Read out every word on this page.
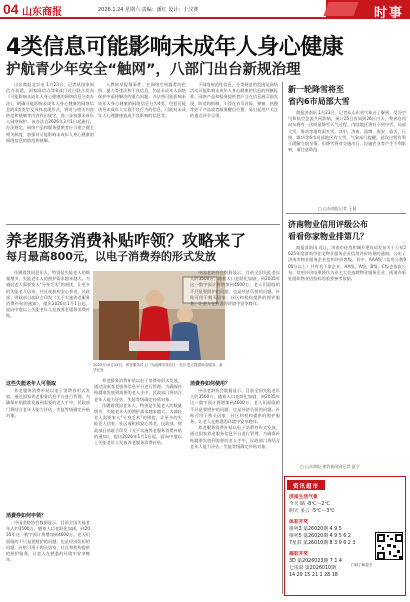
04 山东商报	2026.1.24 星期六 责编：潘红 设计：于汶赛	时事
4类信息可能影响未成年人身心健康
护航青少年安全“触网”，八部门出台新规治理

山东商报北京电 1月23日，记者从国家网信办获悉，国家网信办等8部门近日联合发布《可能影响未成年人身心健康的网络信息分类办法》，明确可能影响未成年人身心健康的网络信息的4类类型及具体表现形式，将对与相关内容防范和抵制等内容作出规定，进一步加强未成年人网络保护。该办法自2026年3月1日起施行。办法规定，网络产品和服务提供者应当建立健全相关制度，加强对可能影响未成年人身心健康的网络信息的防范和抵制。

人教网举报情事件，在网络空间露骨的色情、暴力等违法和不良信息，仍是未成年人网络保护中亟待解决的重点问题。办法将可能影响未成年人身心健康的网络信息分为4类，包括可能诱导未成年人实施不良行为的信息，可能对未成年人心理健康造成不良影响的信息等。

于网络规范性信息，分类规范的范围及网络活动可能影响未成年人身心健康的信息的判断标准。网络产品和服务提供者应当在信息展示前发现、防范和抵制，不得在首页首屏、弹窗、热搜等处于产品或者服务醒目位置、易引起用户关注的重点环节呈现。

新一轮降雪将至
省内6市局部大雪

商报济南讯 1月23日，记者从山东省气象台了解到，受冷空气和低空急流共同影响，预计25日夜间到26日白天，我省自西向东将有一次明显降雪天气过程，内陆地区将有小到中雪，局部大雪，鲁南等地有雨夹雪。其中，济南、淄博、泰安、临沂、日照、潍坊等6市局部地区有大雪。气象部门提醒，此次过程有利于缓解当前旱情，但降雪将对交通出行、设施农业等产生不利影响，请注意防范。

□ 山东商报记者 王磊
济南物业信用评级公布
看看你家物业排第几？

商报济南讯 近日，济南市住房和城乡建设局发布关于公布2025年度济南市住宅物业服务企业信用评价结果的通知，公布了济南市物业服务企业信用评价等级。其中，AAA级（信用分数900分以上）共有若干家企业，AA级、A级、B级、C级也依次公布。信用评价结果将作为业主大会选聘物业服务企业、街道办事处组织物业招投标的重要参考依据。

□ 山东商报·速豹新闻网记者 夏宁
养老服务消费补贴咋领？攻略来了
每月最高800元，以电子消费券的形式发放

伴随着我国老年人，特别是失能老人的数量增多，失能老年人的照护需求越来越大。为减轻老人需要家人“分身乏术”的困扰，让更多的失能老人居家、社区或机构安心养老，民政部、财政部日前联合印发《关于实施养老服务消费补贴的通知》，提出2026年1月1日起，面向中度以上失能老年人发放养老服务消费补贴。

2025年10月23日，养老服务员上门为淄博市张店区一社区老人提供助浴服务。新华社发
这些失能老年人可领取

养老服务消费补贴以电子消费券形式发放，通过国家养老服务信息平台进行管理。为确保补贴精准发放到需要的老人手中，民政部门将结合老年人能力评估、失能等级确定补贴对象。

消费券如何申领？

中国老龄协会数据显示，目前全国失能老年人约3500万，随着人口老龄化加剧，到2035年这一数字预计将增加到4600万。老人们面临的不只是要照护的问题，也是经济负担的问题。补贴可用于购买居家、社区和机构提供的照护服务，让老人在熟悉的环境中安享晚年。

养老服务消费补贴以电子消费券形式发放，通过国家养老服务信息平台进行管理。为确保补贴精准发放到需要的老人手中，民政部门将结合老年人能力评估、失能等级确定补贴对象。

伴随着我国老年人，特别是失能老人的数量增多，失能老年人的照护需求越来越大。为减轻老人需要家人“分身乏术”的困扰，让更多的失能老人居家、社区或机构安心养老，民政部、财政部日前联合印发《关于实施养老服务消费补贴的通知》，提出2026年1月1日起，面向中度以上失能老年人发放养老服务消费补贴。

中国老龄协会数据显示，目前全国失能老年人约3500万，随着人口老龄化加剧，到2035年这一数字预计将增加到4600万。老人们面临的不只是要照护的问题，也是经济负担的问题。补贴可用于购买居家、社区和机构提供的照护服务，让老人在熟悉的环境中安享晚年。

消费券如何使用？

中国老龄协会数据显示，目前全国失能老年人约3500万，随着人口老龄化加剧，到2035年这一数字预计将增加到4600万。老人们面临的不只是要照护的问题，也是经济负担的问题。补贴可用于购买居家、社区和机构提供的照护服务，让老人在熟悉的环境中安享晚年。

养老服务消费补贴以电子消费券形式发放，通过国家养老服务信息平台进行管理。为确保补贴精准发放到需要的老人手中，民政部门将结合老年人能力评估、失能等级确定补贴对象。

资讯超市
济南生活气象
今天 晴 -8℃～2℃
明天 多云 -5℃～3℃
体彩开奖
排列3 第26020期 4 9 5
排列5 第26020期 4 9 5 6 2
7星彩 第26010期 8 3 9 6 2 3
福彩开奖
3D 第2026023期 7 1 4
七乐彩 第2026010期
14 29 15 21 1 28 18
扫码了解更多
